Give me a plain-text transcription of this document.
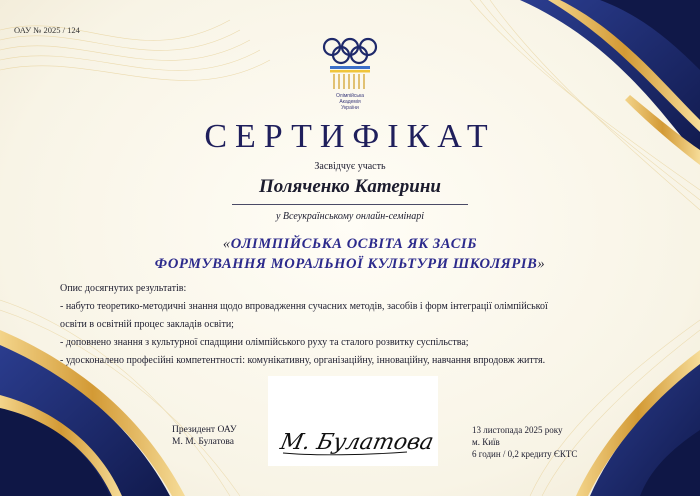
ОАУ № 2025 / 124
Олімпійська
Академія
України
СЕРТИФІКАТ
Засвідчує участь
Поляченко Катерини
у Всеукраїнському онлайн-семінарі
«ОЛІМПІЙСЬКА ОСВІТА ЯК ЗАСІБ
ФОРМУВАННЯ МОРАЛЬНОЇ КУЛЬТУРИ ШКОЛЯРІВ»
Опис досягнутих результатів:
- набуто теоретико-методичні знання щодо впровадження сучасних методів, засобів і форм інтеграції олімпійської
освіти в освітній процес закладів освіти;
- доповнено знання з культурної спадщини олімпійського руху та сталого розвитку суспільства;
- удосконалено професійні компетентності: комунікативну, організаційну, інноваційну, навчання впродовж життя.
Президент ОАУ
М. М. Булатова М. Булатова	13 листопада 2025 року
м. Київ
6 годин / 0,2 кредиту ЄКТС
